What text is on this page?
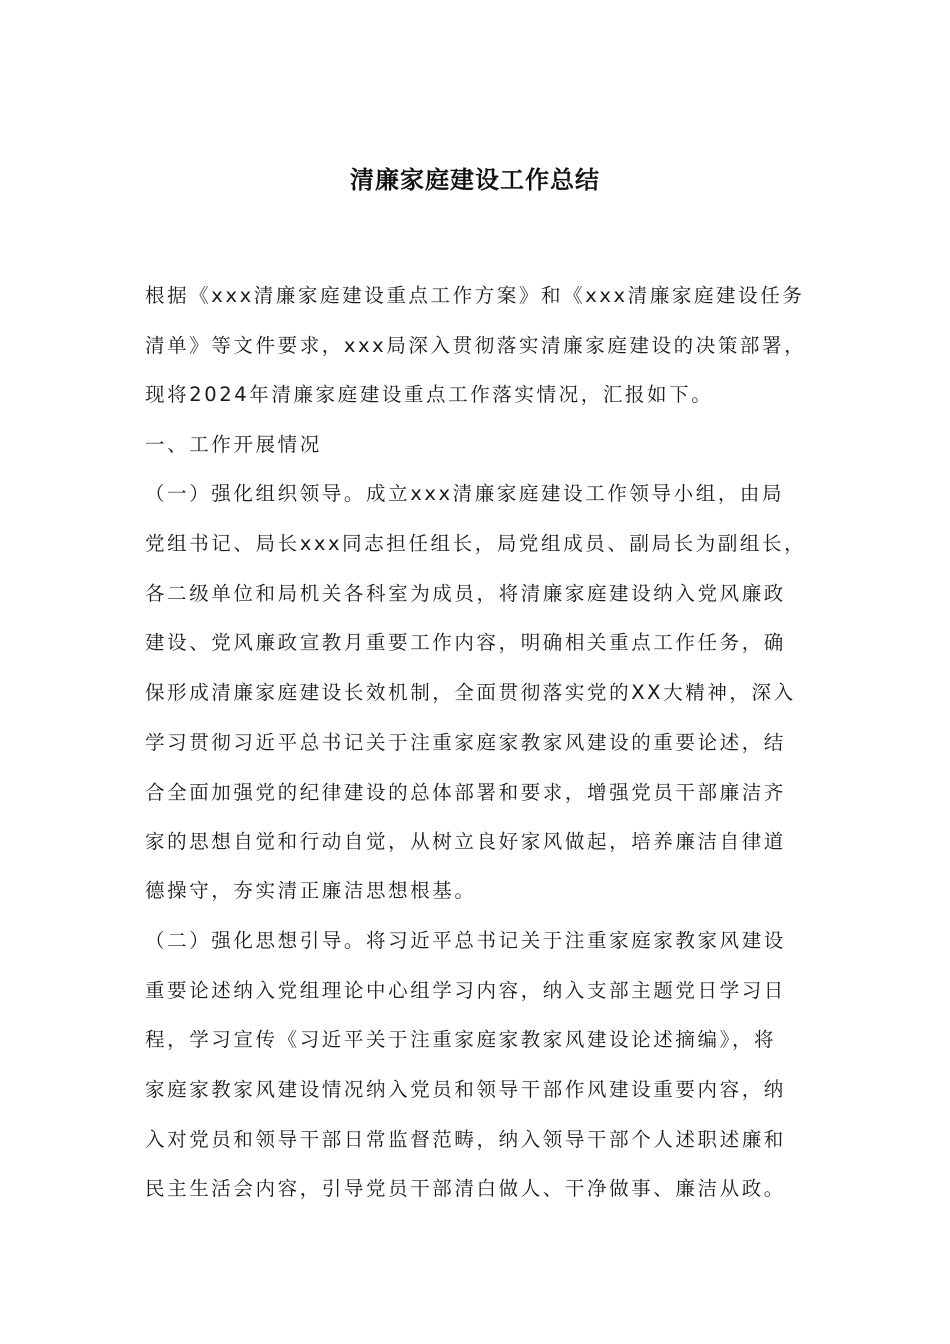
清廉家庭建设工作总结
根据《xxx清廉家庭建设重点工作方案》和《xxx清廉家庭建设任务
清单》等文件要求，xxx局深入贯彻落实清廉家庭建设的决策部署，
现将2024年清廉家庭建设重点工作落实情况，汇报如下。
一、工作开展情况
（一）强化组织领导。成立xxx清廉家庭建设工作领导小组，由局
党组书记、局长xxx同志担任组长，局党组成员、副局长为副组长，
各二级单位和局机关各科室为成员，将清廉家庭建设纳入党风廉政
建设、党风廉政宣教月重要工作内容，明确相关重点工作任务，确
保形成清廉家庭建设长效机制，全面贯彻落实党的XX大精神，深入
学习贯彻习近平总书记关于注重家庭家教家风建设的重要论述，结
合全面加强党的纪律建设的总体部署和要求，增强党员干部廉洁齐
家的思想自觉和行动自觉，从树立良好家风做起，培养廉洁自律道
德操守，夯实清正廉洁思想根基。
（二）强化思想引导。将习近平总书记关于注重家庭家教家风建设
重要论述纳入党组理论中心组学习内容，纳入支部主题党日学习日
程，学习宣传《习近平关于注重家庭家教家风建设论述摘编》，将
家庭家教家风建设情况纳入党员和领导干部作风建设重要内容，纳
入对党员和领导干部日常监督范畴，纳入领导干部个人述职述廉和
民主生活会内容，引导党员干部清白做人、干净做事、廉洁从政。
